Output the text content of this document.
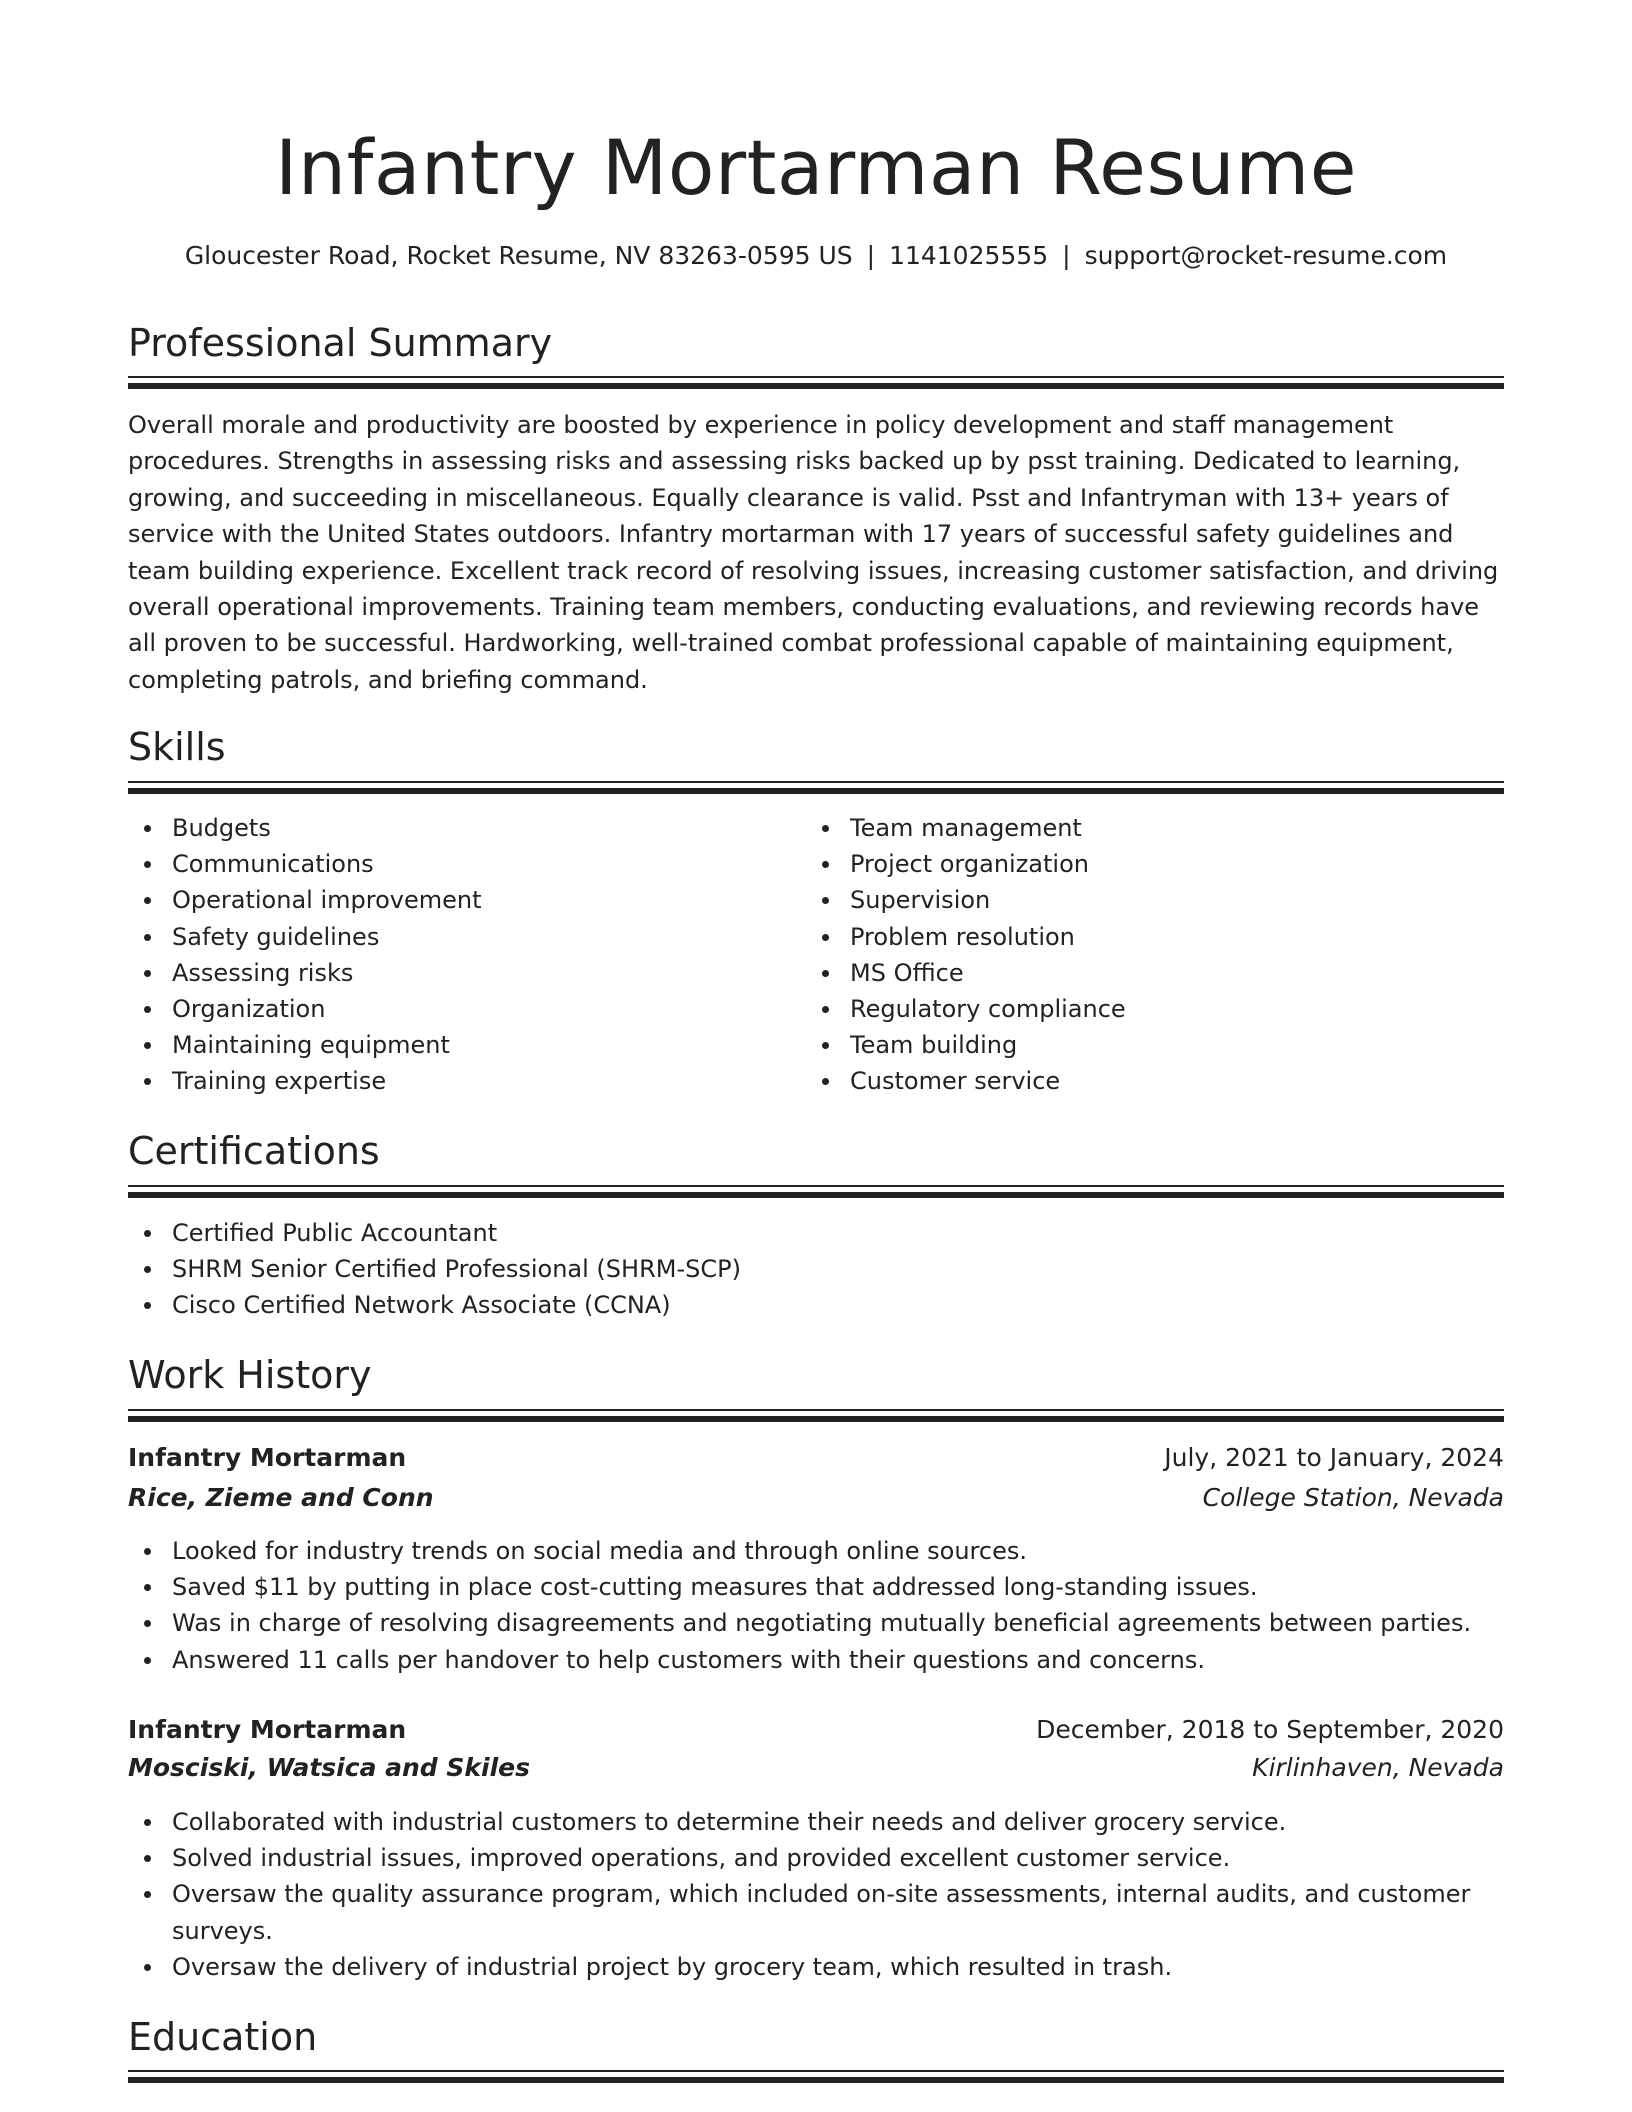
Infantry Mortarman Resume
Gloucester Road, Rocket Resume, NV 83263-0595 US | 1141025555 | support@rocket-resume.com
Professional Summary

Overall morale and productivity are boosted by experience in policy development and staff management procedures. Strengths in assessing risks and assessing risks backed up by psst training. Dedicated to learning, growing, and succeeding in miscellaneous. Equally clearance is valid. Psst and Infantryman with 13+ years of service with the United States outdoors. Infantry mortarman with 17 years of successful safety guidelines and team building experience. Excellent track record of resolving issues, increasing customer satisfaction, and driving overall operational improvements. Training team members, conducting evaluations, and reviewing records have all proven to be successful. Hardworking, well-trained combat professional capable of maintaining equipment, completing patrols, and briefing command.

Skills
Budgets
Communications
Operational improvement
Safety guidelines
Assessing risks
Organization
Maintaining equipment
Training expertise
Team management
Project organization
Supervision
Problem resolution
MS Office
Regulatory compliance
Team building
Customer service
Certifications
Certified Public Accountant
SHRM Senior Certified Professional (SHRM-SCP)
Cisco Certified Network Associate (CCNA)
Work History
Infantry Mortarman	July, 2021 to January, 2024
Rice, Zieme and Conn	College Station, Nevada
Looked for industry trends on social media and through online sources.
Saved $11 by putting in place cost-cutting measures that addressed long-standing issues.
Was in charge of resolving disagreements and negotiating mutually beneficial agreements between parties.
Answered 11 calls per handover to help customers with their questions and concerns.
Infantry Mortarman	December, 2018 to September, 2020
Mosciski, Watsica and Skiles	Kirlinhaven, Nevada
Collaborated with industrial customers to determine their needs and deliver grocery service.
Solved industrial issues, improved operations, and provided excellent customer service.
Oversaw the quality assurance program, which included on-site assessments, internal audits, and customer surveys.
Oversaw the delivery of industrial project by grocery team, which resulted in trash.
Education
